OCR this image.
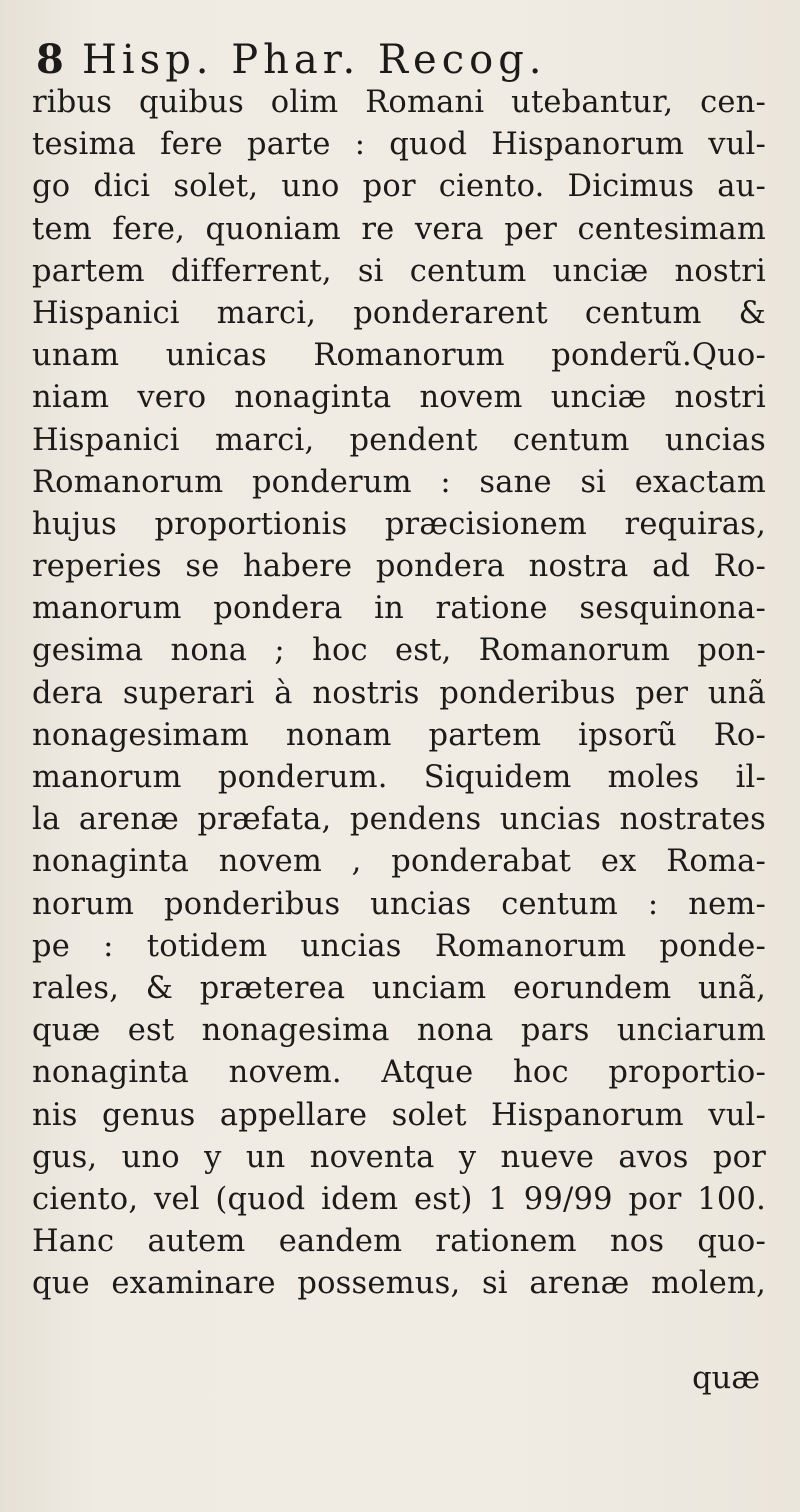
8 Hisp. Phar. Recog.
ribus quibus olim Romani utebantur, cen-
tesima fere parte : quod Hispanorum vul-
go dici solet, uno por ciento. Dicimus au-
tem fere, quoniam re vera per centesimam
partem differrent, si centum unciæ nostri
Hispanici marci, ponderarent centum &
unam unicas Romanorum ponderũ.Quo-
niam vero nonaginta novem unciæ nostri
Hispanici marci, pendent centum uncias
Romanorum ponderum : sane si exactam
hujus proportionis præcisionem requiras,
reperies se habere pondera nostra ad Ro-
manorum pondera in ratione sesquinona-
gesima nona ; hoc est, Romanorum pon-
dera superari à nostris ponderibus per unã
nonagesimam nonam partem ipsorũ Ro-
manorum ponderum. Siquidem moles il-
la arenæ præfata, pendens uncias nostrates
nonaginta novem , ponderabat ex Roma-
norum ponderibus uncias centum : nem-
pe : totidem uncias Romanorum ponde-
rales, & præterea unciam eorundem unã,
quæ est nonagesima nona pars unciarum
nonaginta novem. Atque hoc proportio-
nis genus appellare solet Hispanorum vul-
gus, uno y un noventa y nueve avos por
ciento, vel (quod idem est) 1 99/99 por 100.
Hanc autem eandem rationem nos quo-
que examinare possemus, si arenæ molem,
quæ
